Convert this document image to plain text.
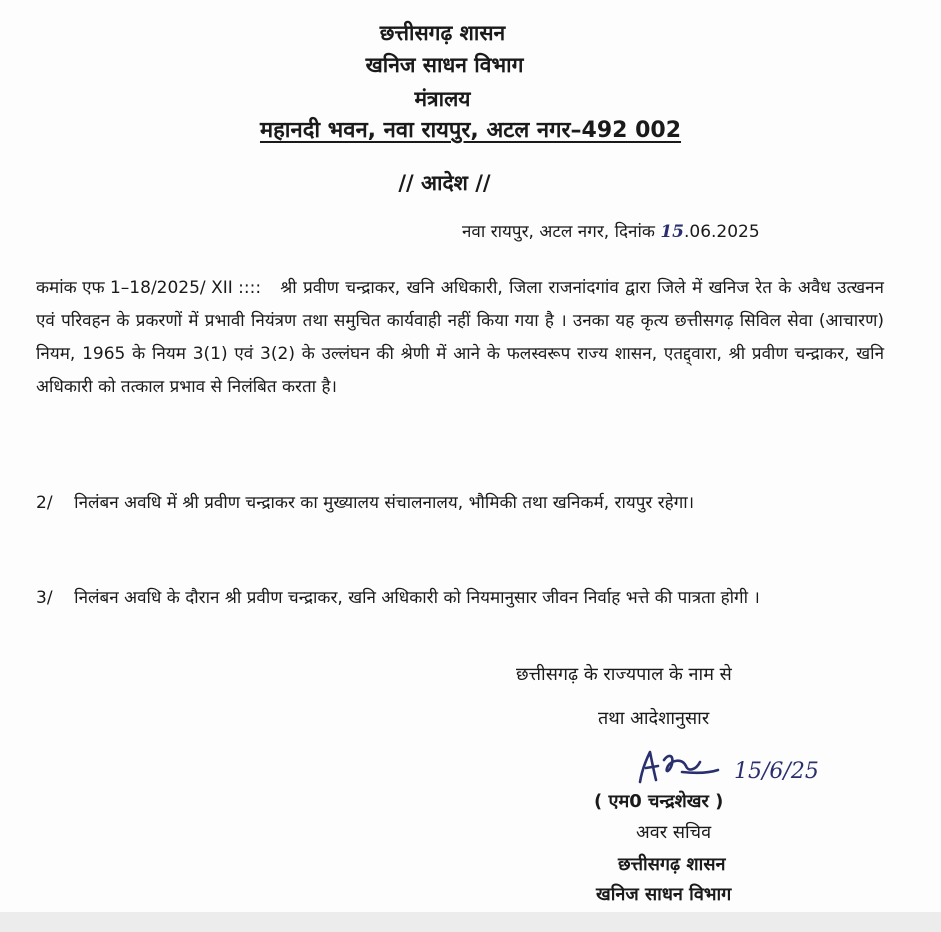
छत्तीसगढ़ शासन
खनिज साधन विभाग
मंत्रालय
महानदी भवन, नवा रायपुर, अटल नगर–492 002
// आदेश //
नवा रायपुर, अटल नगर, दिनांक 15.06.2025
कमांक एफ 1–18/2025/ XII :::: श्री प्रवीण चन्द्राकर, खनि अधिकारी, जिला राजनांदगांव द्वारा जिले में खनिज रेत के अवैध उत्खनन एवं परिवहन के प्रकरणों में प्रभावी नियंत्रण तथा समुचित कार्यवाही नहीं किया गया है । उनका यह कृत्य छत्तीसगढ़ सिविल सेवा (आचारण) नियम, 1965 के नियम 3(1) एवं 3(2) के उल्लंघन की श्रेणी में आने के फलस्वरूप राज्य शासन, एतद्द्वारा, श्री प्रवीण चन्द्राकर, खनि अधिकारी को तत्काल प्रभाव से निलंबित करता है।
2/ निलंबन अवधि में श्री प्रवीण चन्द्राकर का मुख्यालय संचालनालय, भौमिकी तथा खनिकर्म, रायपुर रहेगा।
3/ निलंबन अवधि के दौरान श्री प्रवीण चन्द्राकर, खनि अधिकारी को नियमानुसार जीवन निर्वाह भत्ते की पात्रता होगी ।
छत्तीसगढ़ के राज्यपाल के नाम से
तथा आदेशानुसार
15/6/25
( एम0 चन्द्रशेखर )
अवर सचिव
छत्तीसगढ़ शासन
खनिज साधन विभाग
